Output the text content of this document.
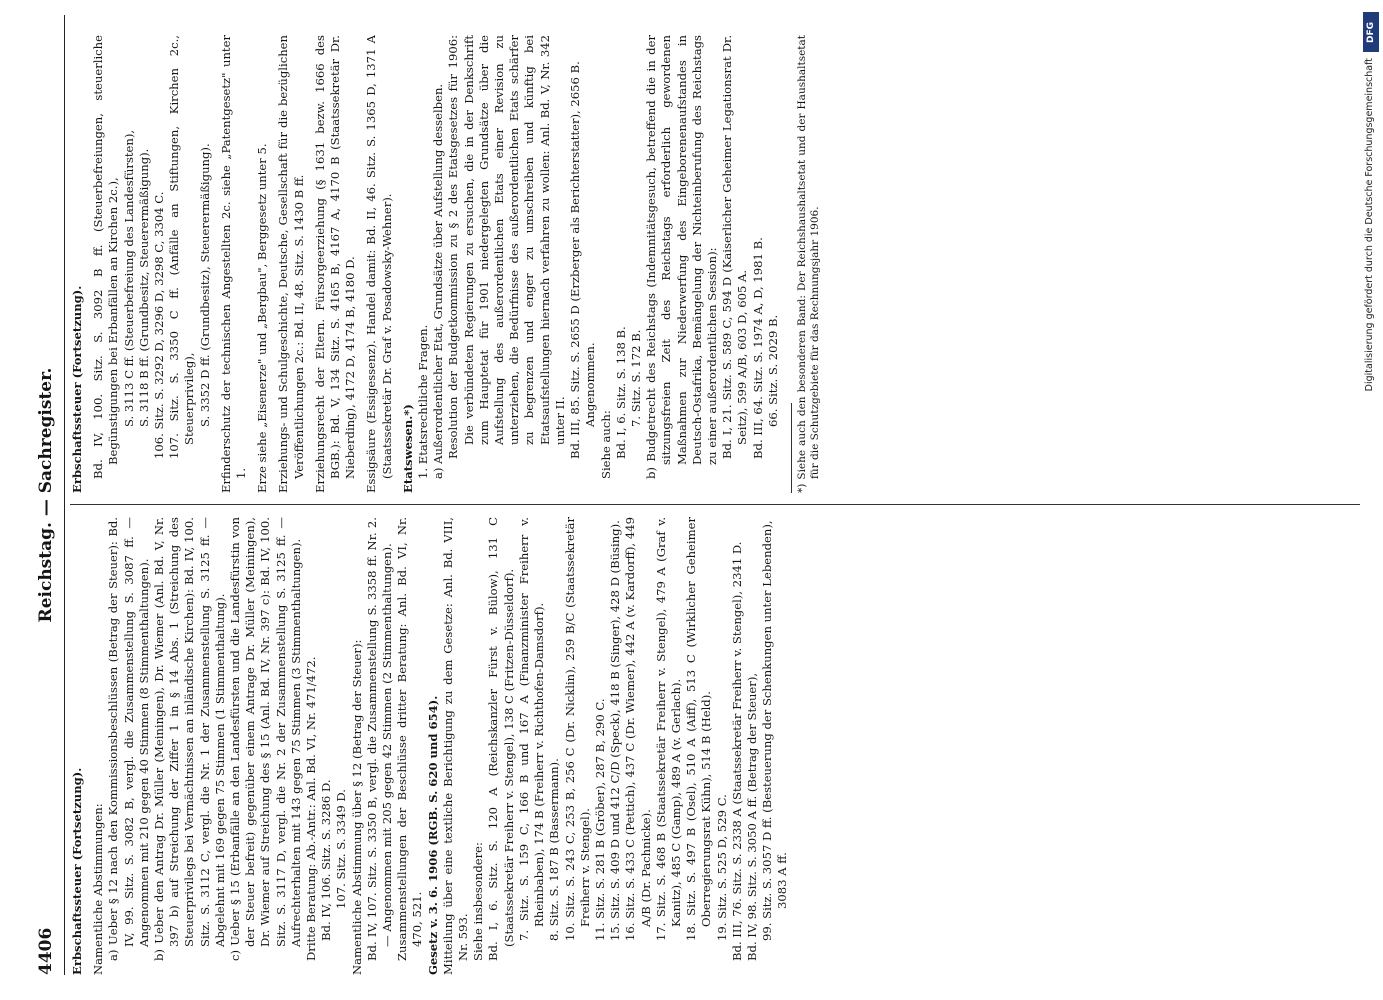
4406
Reichstag. — Sachregister.

Erbschaftssteuer (Fortsetzung). Namentliche Abstimmungen: a) Ueber § 12 nach den Kommissionsbeschlüssen (Betrag der Steuer): Bd. IV, 99. Sitz. S. 3082 B, vergl. die Zusammenstellung S. 3087 ff. — Angenommen mit 210 gegen 40 Stimmen (8 Stimmenthaltungen). b) Ueber den Antrag Dr. Müller (Meiningen), Dr. Wiemer (Anl. Bd. V, Nr. 397 b) auf Streichung der Ziffer 1 in § 14 Abs. 1 (Streichung des Steuerprivilegs bei Vermächtnissen an inländische Kirchen): Bd. IV, 100. Sitz. S. 3112 C, vergl. die Nr. 1 der Zusammenstellung S. 3125 ff. — Abgelehnt mit 169 gegen 75 Stimmen (1 Stimmenthaltung). c) Ueber § 15 (Erbanfälle an den Landesfürsten und die Landesfürstin von der Steuer befreit) gegenüber einem Antrage Dr. Müller (Meiningen), Dr. Wiemer auf Streichung des § 15 (Anl. Bd. IV, Nr. 397 c): Bd. IV, 100. Sitz. S. 3117 D, vergl. die Nr. 2 der Zusammenstellung S. 3125 ff. — Aufrechterhalten mit 143 gegen 75 Stimmen (3 Stimmenthaltungen). Dritte Beratung: Ab.-Antr.: Anl. Bd. VI, Nr. 471/472. Bd. IV, 106. Sitz. S. 3286 D. 107. Sitz. S. 3349 D. Namentliche Abstimmung über § 12 (Betrag der Steuer): Bd. IV, 107. Sitz. S. 3350 B, vergl. die Zusammenstellung S. 3358 ff. Nr. 2. — Angenommen mit 205 gegen 42 Stimmen (2 Stimmenthaltungen). Zusammenstellungen der Beschlüsse dritter Beratung: Anl. Bd. VI, Nr. 470, 521. Gesetz v. 3. 6. 1906 (RGB. S. 620 und 654). Mitteilung über eine textliche Berichtigung zu dem Gesetze: Anl. Bd. VIII, Nr. 593. Siehe insbesondere: Bd. I, 6. Sitz. S. 120 A (Reichskanzler Fürst v. Bülow), 131 C (Staatssekretär Freiherr v. Stengel), 138 C (Fritzen-Düsseldorf). 7. Sitz. S. 159 C, 166 B und 167 A (Finanzminister Freiherr v. Rheinbaben), 174 B (Freiherr v. Richthofen-Damsdorf). 8. Sitz. S. 187 B (Bassermann). 10. Sitz. S. 243 C, 253 B, 256 C (Dr. Nicklin), 259 B/C (Staatssekretär Freiherr v. Stengel). 11. Sitz. S. 281 B (Gröber), 287 B, 290 C. 15. Sitz. S. 409 D und 412 C/D (Speck), 418 B (Singer), 428 D (Büsing). 16. Sitz. S. 433 C (Pettich), 437 C (Dr. Wiemer), 442 A (v. Kardorff), 449 A/B (Dr. Pachnicke). 17. Sitz. S. 468 B (Staatssekretär Freiherr v. Stengel), 479 A (Graf v. Kanitz), 485 C (Gamp), 489 A (v. Gerlach). 18. Sitz. S. 497 B (Osel), 510 A (Aiff), 513 C (Wirklicher Geheimer Oberregierungsrat Kühn), 514 B (Held). 19. Sitz. S. 525 D, 529 C. Bd. III, 76. Sitz. S. 2338 A (Staatssekretär Freiherr v. Stengel), 2341 D. Bd. IV, 98. Sitz. S. 3050 A ff. (Betrag der Steuer), 99. Sitz. S. 3057 D ff. (Besteuerung der Schenkungen unter Lebenden), 3083 A ff.

Erbschaftssteuer (Fortsetzung). Bd. IV, 100. Sitz. S. 3092 B ff. (Steuerbefreiungen, steuerliche Begünstigungen bei Erbanfällen an Kirchen 2c.), S. 3113 C ff. (Steuerbefreiung des Landesfürsten), S. 3118 B ff. (Grundbesitz, Steuerermäßigung). 106. Sitz. S. 3292 D, 3296 D, 3298 C, 3304 C. 107. Sitz. S. 3350 C ff. (Anfälle an Stiftungen, Kirchen 2c., Steuerprivileg), S. 3352 D ff. (Grundbesitz), Steuerermäßigung). Erfinderschutz der technischen Angestellten 2c. siehe „Patentgesetz" unter 1. Erze siehe „Eisenerze" und „Bergbau", Berggesetz unter 5. Erziehungs- und Schulgeschichte, Deutsche, Gesellschaft für die bezüglichen Veröffentlichungen 2c.: Bd. II, 48. Sitz. S. 1430 B ff. Erziehungsrecht der Eltern. Fürsorgeerziehung (§ 1631 bezw. 1666 des BGB.): Bd. V, 134 Sitz. S. 4165 B, 4167 A, 4170 B (Staatssekretär Dr. Nieberding), 4172 D, 4174 B, 4180 D. Essigsäure (Essigessenz). Handel damit: Bd. II, 46. Sitz. S. 1365 D, 1371 A (Staatssekretär Dr. Graf v. Posadowsky-Wehner). Etatswesen.*) 1. Etatsrechtliche Fragen. a) Außerordentlicher Etat, Grundsätze über Aufstellung desselben. Resolution der Budgetkommission zu § 2 des Etatsgesetzes für 1906: Die verbündeten Regierungen zu ersuchen, die in der Denkschrift zum Hauptetat für 1901 niedergelegten Grundsätze über die Aufstellung des außerordentlichen Etats einer Revision zu unterziehen, die Bedürfnisse des außerordentlichen Etats schärfer zu begrenzen und enger zu umschreiben und künftig bei Etatsaufstellungen hiernach verfahren zu wollen: Anl. Bd. V, Nr. 342 unter II. Bd. III, 85. Sitz. S. 2655 D (Erzberger als Berichterstatter), 2656 B. Angenommen.

Siehe auch: Bd. I, 6. Sitz. S. 138 B. 7. Sitz. S. 172 B. b) Budgetrecht des Reichstags (Indemnitätsgesuch, betreffend die in der sitzungsfreien Zeit des Reichstags erforderlich gewordenen Maßnahmen zur Niederwerfung des Eingeborenenaufstandes in Deutsch-Ostafrika, Bemängelung der Nichteinberufung des Reichstags zu einer außerordentlichen Session): Bd. I, 21. Sitz. S. 589 C, 594 D (Kaiserlicher Geheimer Legationsrat Dr. Seitz), 599 A/B, 603 D, 605 A. Bd. III, 64. Sitz. S. 1974 A, D, 1981 B. 66. Sitz. S. 2029 B. *) Siehe auch den besonderen Band: Der Reichshaushaltsetat und der Haushaltsetat für die Schutzgebiete für das Rechnungsjahr 1906.

DFG
Digitalisierung gefördert durch die Deutsche Forschungsgemeinschaft
